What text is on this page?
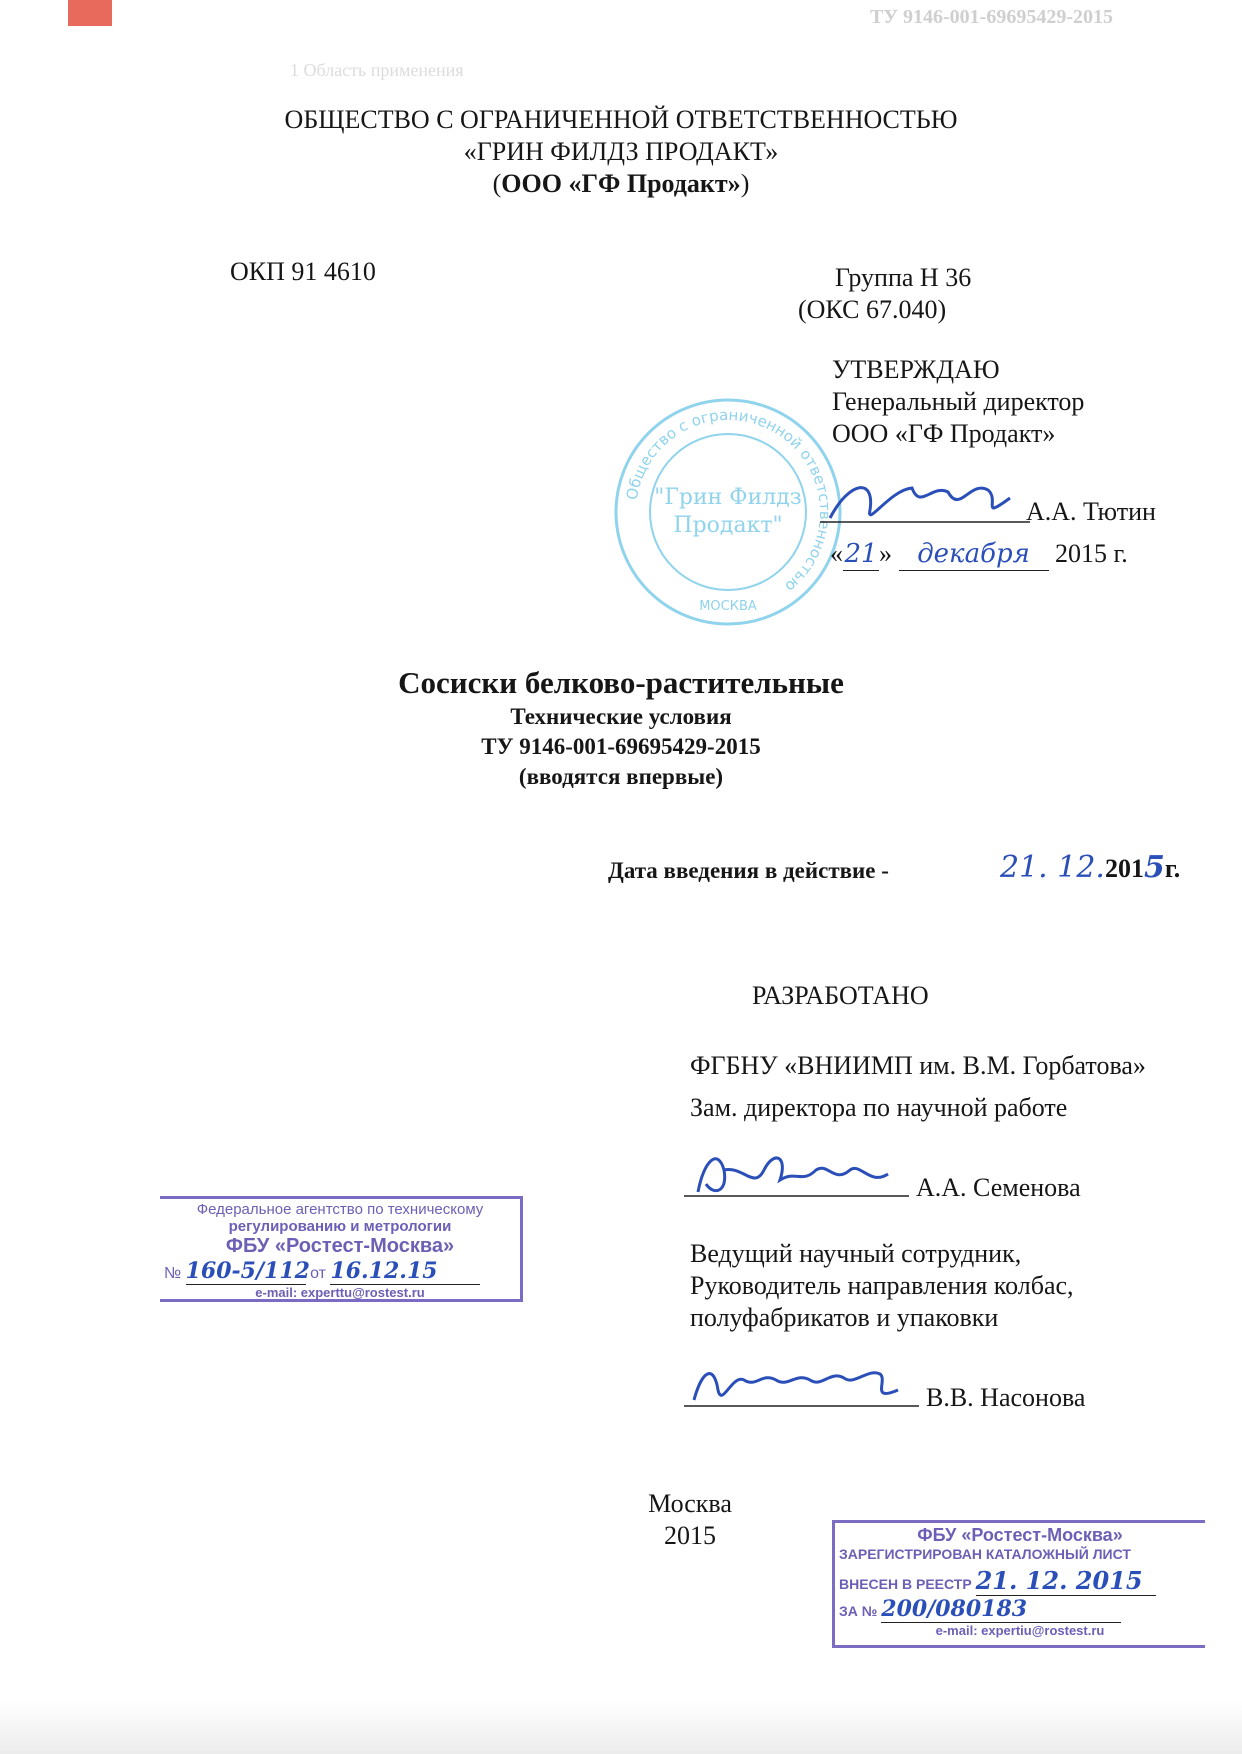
ТУ 9146-001-69695429-2015
1 Область применения
ОБЩЕСТВО С ОГРАНИЧЕННОЙ ОТВЕТСТВЕННОСТЬЮ
«ГРИН ФИЛДЗ ПРОДАКТ»
(ООО «ГФ Продакт»)
ОКП 91 4610	Группа Н 36
(ОКС 67.040)
Общество с ограниченной ответственностью
"Грин Филдз
Продакт"
МОСКВА
УТВЕРЖДАЮ
Генеральный директор
ООО «ГФ Продакт»
А.А. Тютин
«21» декабря 2015 г.
Сосиски белково-растительные
Технические условия
ТУ 9146-001-69695429-2015
(вводятся впервые)
Дата введения в действие -	21. 12.2015г.
РАЗРАБОТАНО
ФГБНУ «ВНИИМП им. В.М. Горбатова»
Зам. директора по научной работе
А.А. Семенова
Ведущий научный сотрудник,
Руководитель направления колбас,
полуфабрикатов и упаковки
В.В. Насонова
Федеральное агентство по техническому
регулированию и метрологии
ФБУ «Ростест-Москва»
№ 160-5/112 от 16.12.15
e-mail: experttu@rostest.ru
Москва
2015	ФБУ «Ростест-Москва»
ЗАРЕГИСТРИРОВАН КАТАЛОЖНЫЙ ЛИСТ
ВНЕСЕН В РЕЕСТР 21. 12. 2015
ЗА № 200/080183
e-mail: expertiu@rostest.ru
